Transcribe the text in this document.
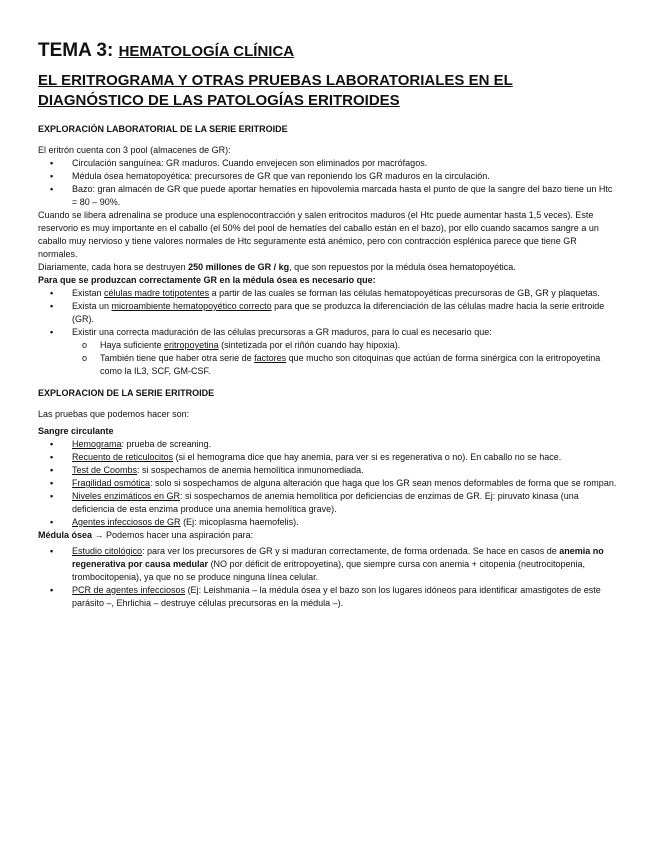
TEMA 3: HEMATOLOGÍA CLÍNICA
EL ERITROGRAMA Y OTRAS PRUEBAS LABORATORIALES EN EL DIAGNÓSTICO DE LAS PATOLOGÍAS ERITROIDES
EXPLORACIÓN LABORATORIAL DE LA SERIE ERITROIDE

El eritrón cuenta con 3 pool (almacenes de GR):

• Circulación sanguínea: GR maduros. Cuando envejecen son eliminados por macrófagos.
• Médula ósea hematopoyética: precursores de GR que van reponiendo los GR maduros en la circulación.
• Bazo: gran almacén de GR que puede aportar hematíes en hipovolemia marcada hasta el punto de que la sangre del bazo tiene un Htc = 80 – 90%.

Cuando se libera adrenalina se produce una esplenocontracción y salen eritrocitos maduros (el Htc puede aumentar hasta 1,5 veces). Este reservorio es muy importante en el caballo (el 50% del pool de hematíes del caballo están en el bazo), por ello cuando sacamos sangre a un caballo muy nervioso y tiene valores normales de Htc seguramente está anémico, pero con contracción esplénica parece que tiene GR normales.

Diariamente, cada hora se destruyen 250 millones de GR / kg, que son repuestos por la médula ósea hematopoyética.

Para que se produzcan correctamente GR en la médula ósea es necesario que:

• Existan células madre totipotentes a partir de las cuales se forman las células hematopoyéticas precursoras de GB, GR y plaquetas.
• Exista un microambiente hematopoyético correcto para que se produzca la diferenciación de las células madre hacia la serie eritroide (GR).
• Existir una correcta maduración de las células precursoras a GR maduros, para lo cual es necesario que:
o Haya suficiente eritropoyetina (sintetizada por el riñón cuando hay hipoxia).
o También tiene que haber otra serie de factores que mucho son citoquinas que actúan de forma sinérgica con la eritropoyetina como la IL3, SCF, GM-CSF.
EXPLORACION DE LA SERIE ERITROIDE

Las pruebas que podemos hacer son:

Sangre circulante

• Hemograma: prueba de screaning.
• Recuento de reticulocitos (si el hemograma dice que hay anemia, para ver si es regenerativa o no). En caballo no se hace.
• Test de Coombs: si sospechamos de anemia hemolítica inmunomediada.
• Fragilidad osmótica: solo si sospechamos de alguna alteración que haga que los GR sean menos deformables de forma que se rompan.
• Niveles enzimáticos en GR: si sospechamos de anemia hemolítica por deficiencias de enzimas de GR. Ej: piruvato kinasa (una deficiencia de esta enzima produce una anemia hemolítica grave).
• Agentes infecciosos de GR (Ej: micoplasma haemofelis).

Médula ósea → Podemos hacer una aspiración para:

• Estudio citológico: para ver los precursores de GR y si maduran correctamente, de forma ordenada. Se hace en casos de anemia no regenerativa por causa medular (NO por déficit de eritropoyetina), que siempre cursa con anemia + citopenia (neutrocitopenia, trombocitopenia), ya que no se produce ninguna línea celular.
• PCR de agentes infecciosos (Ej: Leishmania – la médula ósea y el bazo son los lugares idóneos para identificar amastigotes de este parásito –, Ehrlichia – destruye células precursoras en la médula –).
